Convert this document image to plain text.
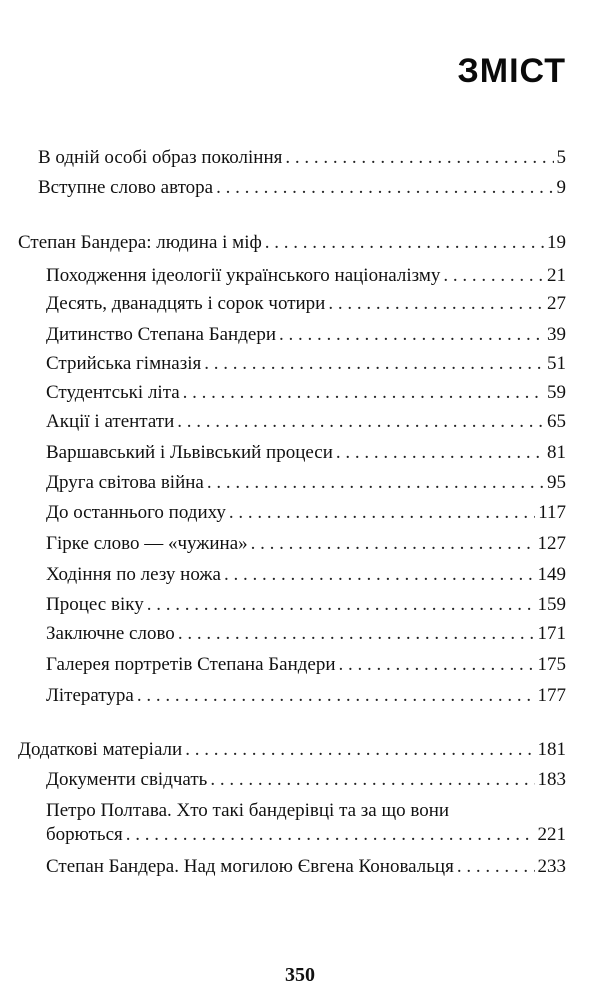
ЗМІСТ
В одній особі образ покоління . . .	5
Вступне слово автора . . .	9
Степан Бандера: людина і міф . . .	19
Походження ідеології українського націоналізму . . .	21
Десять, дванадцять і сорок чотири . . .	27
Дитинство Степана Бандери . . .	39
Стрийська гімназія . . .	51
Студентські літа . . .	59
Акції і атентати . . .	65
Варшавський і Львівський процеси . . .	81
Друга світова війна . . .	95
До останнього подиху . . .	117
Гірке слово — «чужина» . . .	127
Ходіння по лезу ножа . . .	149
Процес віку . . .	159
Заключне слово . . .	171
Галерея портретів Степана Бандери . . .	175
Література . . .	177
Додаткові матеріали . . .	181
Документи свідчать . . .	183
Петро Полтава. Хто такі бандерівці та за що вони
борються . . .	221
Степан Бандера. Над могилою Євгена Коновальця . . .	233
350
